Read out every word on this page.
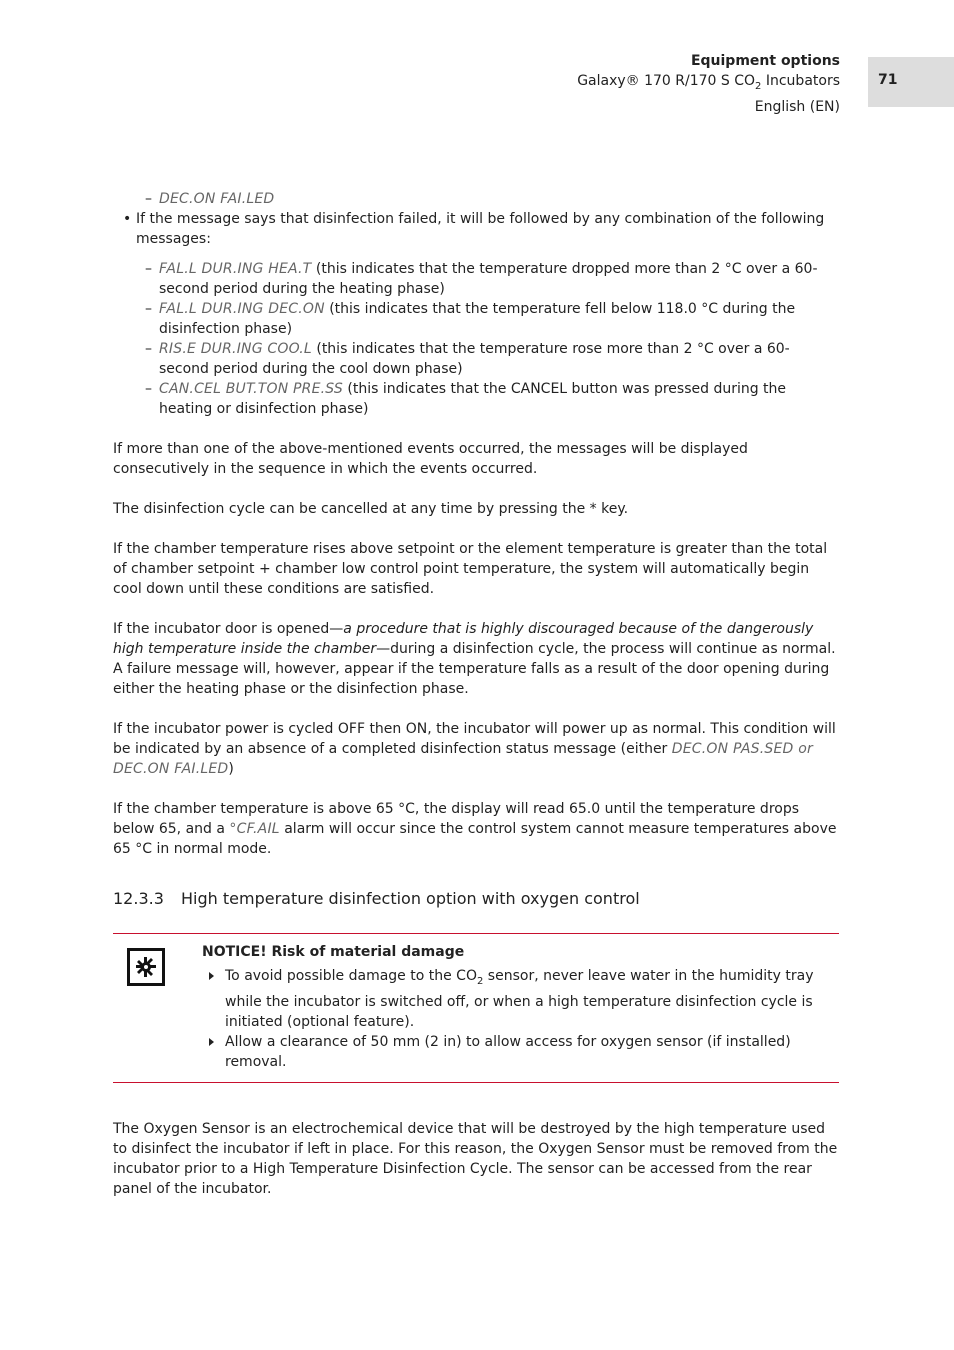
Equipment options
Galaxy® 170 R/170 S $CO_2$ Incubators
English (EN)
71
– DEC.ON FAI.LED
• If the message says that disinfection failed, it will be followed by any combination of the following messages:
– FAL.L DUR.ING HEA.T (this indicates that the temperature dropped more than 2 °C over a 60-second period during the heating phase)
– FAL.L DUR.ING DEC.ON (this indicates that the temperature fell below 118.0 °C during the disinfection phase)
– RIS.E DUR.ING COO.L (this indicates that the temperature rose more than 2 °C over a 60-second period during the cool down phase)
– CAN.CEL BUT.TON PRE.SS (this indicates that the CANCEL button was pressed during the heating or disinfection phase)

If more than one of the above-mentioned events occurred, the messages will be displayed consecutively in the sequence in which the events occurred.

The disinfection cycle can be cancelled at any time by pressing the * key.

If the chamber temperature rises above setpoint or the element temperature is greater than the total of chamber setpoint + chamber low control point temperature, the system will automatically begin cool down until these conditions are satisfied.

If the incubator door is opened—a procedure that is highly discouraged because of the dangerously high temperature inside the chamber—during a disinfection cycle, the process will continue as normal. A failure message will, however, appear if the temperature falls as a result of the door opening during either the heating phase or the disinfection phase.

If the incubator power is cycled OFF then ON, the incubator will power up as normal. This condition will be indicated by an absence of a completed disinfection status message (either DEC.ON PAS.SED or DEC.ON FAI.LED)

If the chamber temperature is above 65 °C, the display will read 65.0 until the temperature drops below 65, and a °CF.AIL alarm will occur since the control system cannot measure temperatures above 65 °C in normal mode.

12.3.3 High temperature disinfection option with oxygen control
NOTICE! Risk of material damage
To avoid possible damage to the $CO_2$ sensor, never leave water in the humidity tray while the incubator is switched off, or when a high temperature disinfection cycle is initiated (optional feature).
Allow a clearance of 50 mm (2 in) to allow access for oxygen sensor (if installed) removal.

The Oxygen Sensor is an electrochemical device that will be destroyed by the high temperature used to disinfect the incubator if left in place. For this reason, the Oxygen Sensor must be removed from the incubator prior to a High Temperature Disinfection Cycle. The sensor can be accessed from the rear panel of the incubator.
